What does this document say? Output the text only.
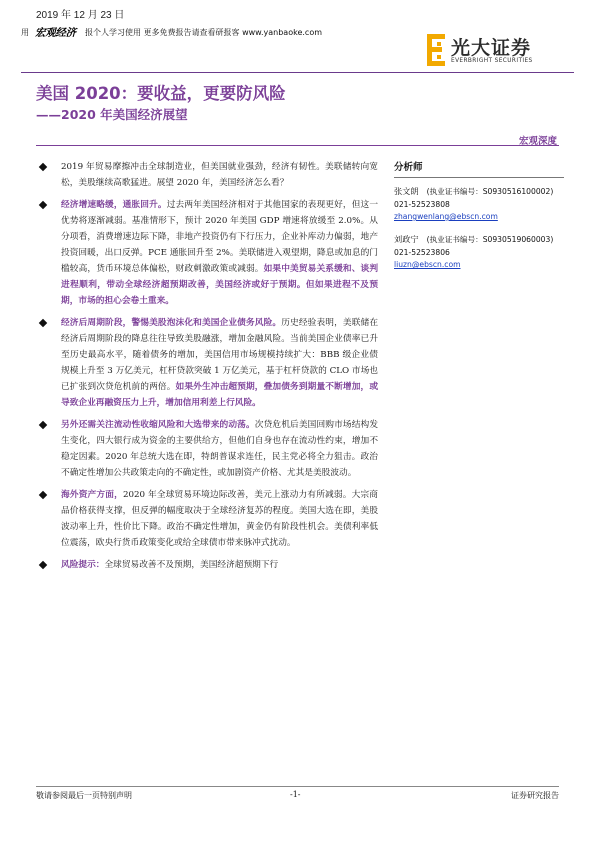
2019 年 12 月 23 日
用 宏观经济 报个人学习使用 更多免费报告请查看研报客 www.yanbaoke.com
光大证券
EVERBRIGHT SECURITIES
美国 2020：要收益，更要防风险
——2020 年美国经济展望
宏观深度
2019 年贸易摩擦冲击全球制造业，但美国就业强劲，经济有韧性。美联储转向宽松，美股继续高歌猛进。展望 2020 年，美国经济怎么看？
经济增速略缓，通胀回升。过去两年美国经济相对于其他国家的表现更好，但这一优势将逐渐减弱。基准情形下，预计 2020 年美国 GDP 增速将放缓至 2.0%。从分项看，消费增速边际下降，非地产投资仍有下行压力，企业补库动力偏弱，地产投资回暖，出口反弹。PCE 通胀回升至 2%。美联储进入观望期，降息或加息的门槛较高，货币环境总体偏松，财政刺激政策或减弱。如果中美贸易关系缓和、谈判进程顺利，带动全球经济超预期改善，美国经济或好于预期。但如果进程不及预期，市场的担心会卷土重来。
经济后周期阶段，警惕美股泡沫化和美国企业债务风险。历史经验表明，美联储在经济后周期阶段的降息往往导致美股融涨，增加金融风险。当前美国企业债率已升至历史最高水平，随着债务的增加，美国信用市场规模持续扩大：BBB 级企业债规模上升至 3 万亿美元，杠杆贷款突破 1 万亿美元，基于杠杆贷款的 CLO 市场也已扩张到次贷危机前的两倍。如果外生冲击超预期，叠加债务到期量不断增加，或导致企业再融资压力上升，增加信用利差上行风险。
另外还需关注流动性收缩风险和大选带来的动荡。次贷危机后美国回购市场结构发生变化，四大银行成为资金的主要供给方，但他们自身也存在流动性约束，增加不稳定因素。2020 年总统大选在即，特朗普谋求连任，民主党必将全力狙击。政治不确定性增加公共政策走向的不确定性，或加剧资产价格、尤其是美股波动。
海外资产方面，2020 年全球贸易环境边际改善，美元上涨动力有所减弱。大宗商品价格获得支撑，但反弹的幅度取决于全球经济复苏的程度。美国大选在即，美股波动率上升，性价比下降。政治不确定性增加，黄金仍有阶段性机会。美债利率低位震荡，欧央行货币政策变化或给全球债市带来脉冲式扰动。
风险提示：全球贸易改善不及预期，美国经济超预期下行
分析师
张文朗 (执业证书编号：S0930516100002)
021-52523808
zhangwenlang@ebscn.com
刘政宁 (执业证书编号：S0930519060003)
021-52523806
liuzn@ebscn.com
敬请参阅最后一页特别声明	-1-	证券研究报告
